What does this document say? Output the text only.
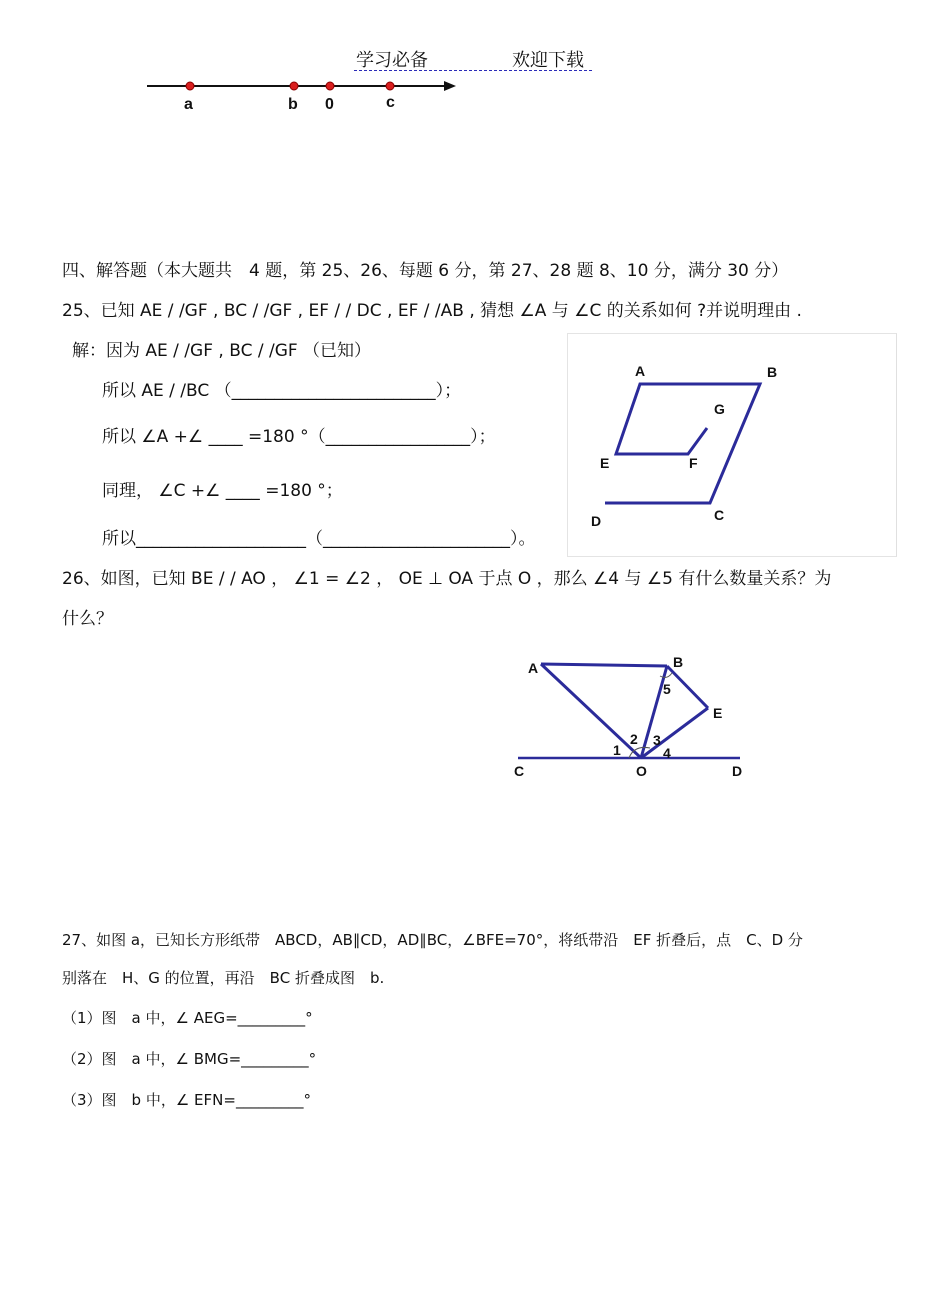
学习必备	欢迎下载
a	b 0	c
四、解答题（本大题共　4 题，第 25、26、每题 6 分，第 27、28 题 8、10 分，满分 30 分）
25、已知 AE / /GF , BC / /GF , EF / / DC , EF / /AB , 猜想 ∠A 与 ∠C 的关系如何 ?并说明理由 .
解：因为 AE / /GF , BC / /GF （已知）
所以 AE / /BC （________________________）；
所以 ∠A +∠ ____ =180 °（_________________）；
同理， ∠C +∠ ____ =180 °；
所以____________________（______________________）。
A	B
G
E	F
D	C
26、如图，已知 BE / / AO ， ∠1 = ∠2 ， OE ⊥ OA 于点 O ，那么 ∠4 与 ∠5 有什么数量关系？为
什么？
A	B
5
E
2 3
1	4
C	O	D
27、如图 a，已知长方形纸带　ABCD，AB∥CD，AD∥BC，∠BFE=70°，将纸带沿　EF 折叠后，点　C、D 分
别落在　H、G 的位置，再沿　BC 折叠成图　b.
（1）图　a 中，∠ AEG=_________°
（2）图　a 中，∠ BMG=_________°
（3）图　b 中，∠ EFN=_________°
